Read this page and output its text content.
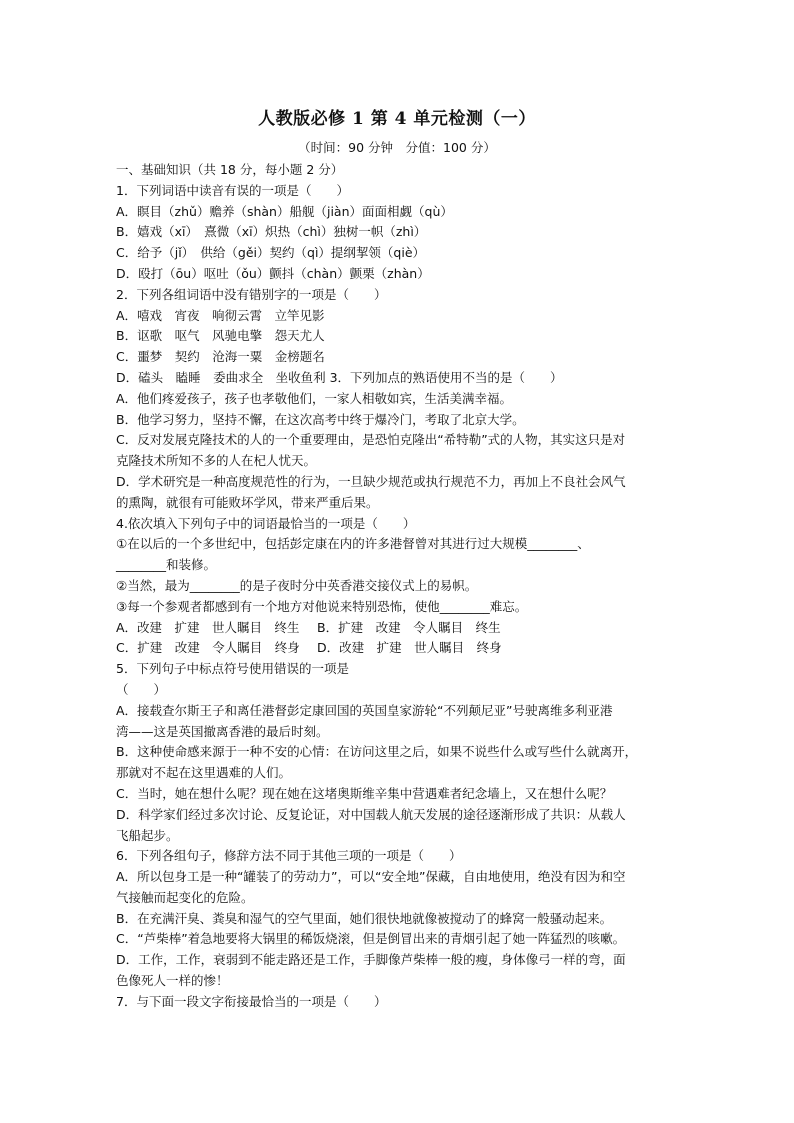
人教版必修 1 第 4 单元检测（一）
（时间：90 分钟　分值：100 分）
一、基础知识（共 18 分，每小题 2 分）
1．下列词语中读音有误的一项是（　　）
A．瞑目（zhǔ）赡养（shàn）船舰（jiàn）面面相觑（qù）
B．嬉戏（xī）　熹微（xī）炽热（chì）独树一帜（zhì）
C．给予（jǐ）　供给（gěi）契约（qì）提纲挈领（qiè）
D．殴打（ōu）呕吐（ǒu）颤抖（chàn）颤栗（zhàn）
2．下列各组词语中没有错别字的一项是（　　）
A．嘻戏　宵夜　响彻云霄　立竿见影
B．讴歌　呕气　风驰电擎　怨天尤人
C．噩梦　契约　沧海一粟　金榜题名
D．磕头　瞌睡　委曲求全　坐收鱼利 3．下列加点的熟语使用不当的是（　　）
A．他们疼爱孩子，孩子也孝敬他们，一家人相敬如宾，生活美满幸福。
B．他学习努力，坚持不懈，在这次高考中终于爆冷门，考取了北京大学。
C．反对发展克隆技术的人的一个重要理由，是恐怕克隆出“希特勒”式的人物，其实这只是对
克隆技术所知不多的人在杞人忧天。
D．学术研究是一种高度规范性的行为，一旦缺少规范或执行规范不力，再加上不良社会风气
的熏陶，就很有可能败坏学风，带来严重后果。
4.依次填入下列句子中的词语最恰当的一项是（　　）
①在以后的一个多世纪中，包括彭定康在内的许多港督曾对其进行过大规模________、
________和装修。
②当然，最为________的是子夜时分中英香港交接仪式上的易帜。
③每一个参观者都感到有一个地方对他说来特别恐怖，使他________难忘。
A．改建　扩建　世人瞩目　终生	B．扩建　改建　令人瞩目　终生
C．扩建　改建　令人瞩目　终身	D．改建　扩建　世人瞩目　终身
5．下列句子中标点符号使用错误的一项是
（　　）
A．接载查尔斯王子和离任港督彭定康回国的英国皇家游轮“不列颠尼亚”号驶离维多利亚港
湾——这是英国撤离香港的最后时刻。
B．这种使命感来源于一种不安的心情：在访问这里之后，如果不说些什么或写些什么就离开，
那就对不起在这里遇难的人们。
C．当时，她在想什么呢？现在她在这堵奥斯维辛集中营遇难者纪念墙上，又在想什么呢？
D．科学家们经过多次讨论、反复论证，对中国载人航天发展的途径逐渐形成了共识：从载人
飞船起步。
6．下列各组句子，修辞方法不同于其他三项的一项是（　　）
A．所以包身工是一种“罐装了的劳动力”，可以“安全地”保藏，自由地使用，绝没有因为和空
气接触而起变化的危险。
B．在充满汗臭、粪臭和湿气的空气里面，她们很快地就像被搅动了的蜂窝一般骚动起来。
C．“芦柴棒”着急地要将大锅里的稀饭烧滚，但是倒冒出来的青烟引起了她一阵猛烈的咳嗽。
D．工作，工作，衰弱到不能走路还是工作，手脚像芦柴棒一般的瘦，身体像弓一样的弯，面
色像死人一样的惨！
7．与下面一段文字衔接最恰当的一项是（　　）
